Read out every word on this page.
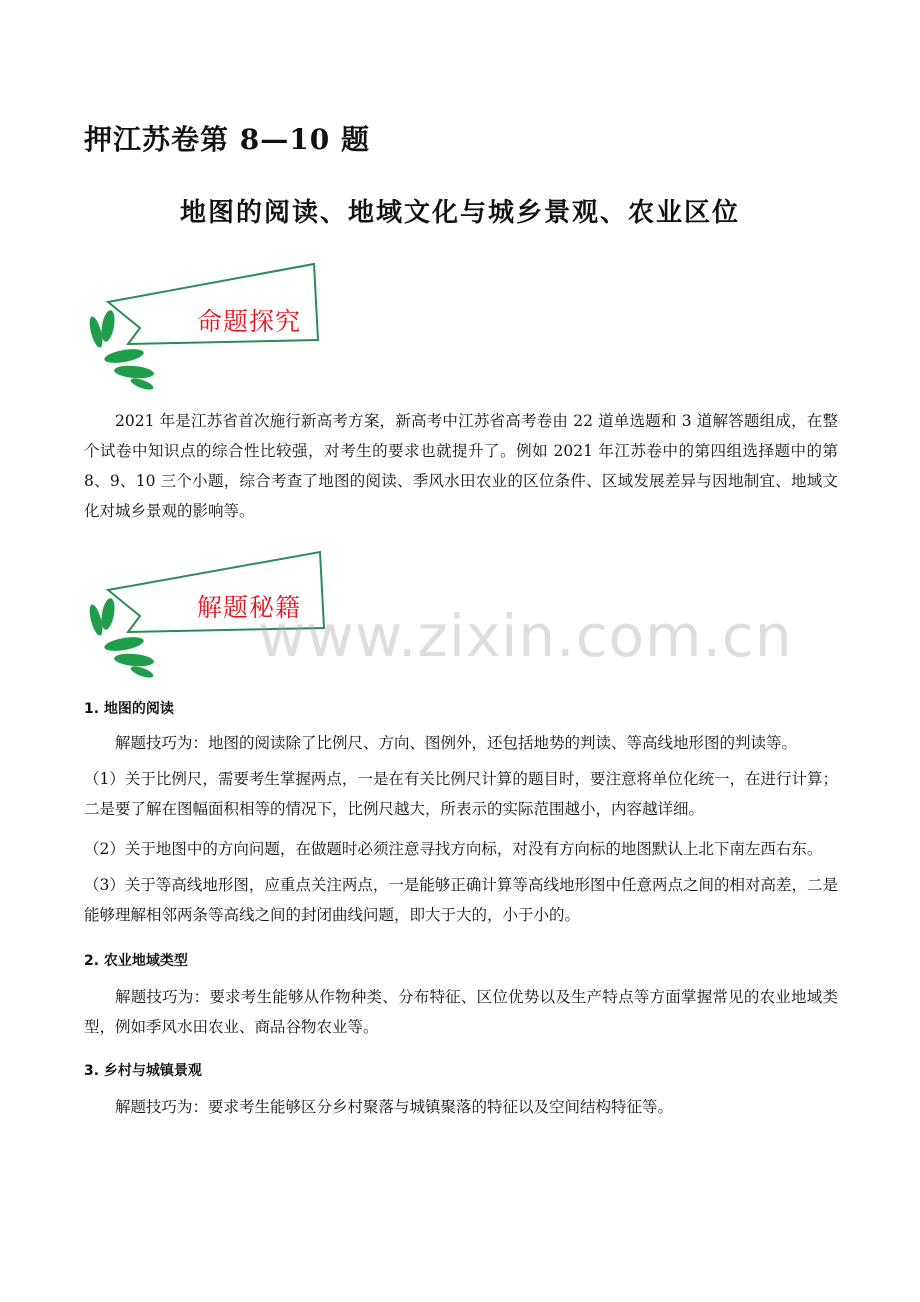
押江苏卷第 8—10 题
地图的阅读、地域文化与城乡景观、农业区位
命题探究

2021 年是江苏省首次施行新高考方案，新高考中江苏省高考卷由 22 道单选题和 3 道解答题组成，在整个试卷中知识点的综合性比较强，对考生的要求也就提升了。例如 2021 年江苏卷中的第四组选择题中的第 8、9、10 三个小题，综合考查了地图的阅读、季风水田农业的区位条件、区域发展差异与因地制宜、地域文化对城乡景观的影响等。

解题秘籍
www.zixin.com.cn

1. 地图的阅读

解题技巧为：地图的阅读除了比例尺、方向、图例外，还包括地势的判读、等高线地形图的判读等。

（1）关于比例尺，需要考生掌握两点，一是在有关比例尺计算的题目时，要注意将单位化统一，在进行计算；二是要了解在图幅面积相等的情况下，比例尺越大，所表示的实际范围越小，内容越详细。

（2）关于地图中的方向问题，在做题时必须注意寻找方向标，对没有方向标的地图默认上北下南左西右东。

（3）关于等高线地形图，应重点关注两点，一是能够正确计算等高线地形图中任意两点之间的相对高差，二是能够理解相邻两条等高线之间的封闭曲线问题，即大于大的，小于小的。

2. 农业地域类型

解题技巧为：要求考生能够从作物种类、分布特征、区位优势以及生产特点等方面掌握常见的农业地域类型，例如季风水田农业、商品谷物农业等。

3. 乡村与城镇景观

解题技巧为：要求考生能够区分乡村聚落与城镇聚落的特征以及空间结构特征等。
